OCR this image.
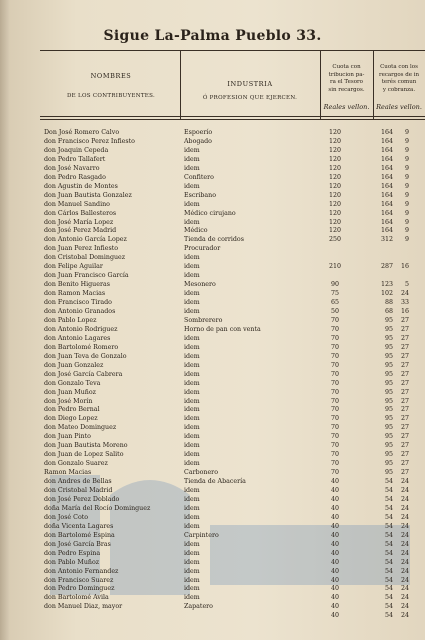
Sigue La-Palma Pueblo 33.
NOMBRES
DE LOS CONTRIBUYENTES.
INDUSTRIA
Ó PROFESION QUE EJERCEN.
Cuota con
tribucion pa-
ra el Tesoro
sin recargos.
Cuota con los
recargos de in
terés comun
y cobranza.
Reales vellon.	Reales vellon.
Don José Romero Calvo	Espoerío	120	164	9
don Francisco Perez Infiesto	Abogado	120	164	9
don Joaquin Cepeda	idem	120	164	9
don Pedro Tallafert	idem	120	164	9
don José Navarro	idem	120	164	9
don Pedro Rasgado	Confitero	120	164	9
don Agustin de Montes	idem	120	164	9
don Juan Bautista Gonzalez	Escribano	120	164	9
don Manuel Sandino	idem	120	164	9
don Cárlos Ballesteros	Médico cirujano	120	164	9
don José María Lopez	idem	120	164	9
don José Perez Madrid	Médico	120	164	9
don Antonio García Lopez	Tienda de corridos	250	312	9
don Juan Perez Infiesto	Procurador
don Cristobal Dominguez	idem
don Felipe Aguilar	idem	210	287	16
don Juan Francisco García	idem
don Benito Higueras	Mesonero	90	123	5
don Ramon Macias	idem	75	102	24
don Francisco Tirado	idem	65	88	33
don Antonio Granados	idem	50	68	16
don Pablo Lopez	Sombrerero	70	95	27
don Antonio Rodriguez	Horno de pan con venta	70	95	27
don Antonio Lagares	idem	70	95	27
don Bartolomé Romero	idem	70	95	27
don Juan Teva de Gonzalo	idem	70	95	27
don Juan Gonzalez	idem	70	95	27
don José García Cabrera	idem	70	95	27
don Gonzalo Teva	idem	70	95	27
don Juan Muñoz	idem	70	95	27
don José Morín	idem	70	95	27
don Pedro Bernal	idem	70	95	27
don Diego Lopez	idem	70	95	27
don Mateo Dominguez	idem	70	95	27
don Juan Pinto	idem	70	95	27
don Juan Bautista Moreno	idem	70	95	27
don Juan de Lopez Salito	idem	70	95	27
don Gonzalo Suarez	idem	70	95	27
Ramon Macias	Carbonero	70	95	27
don Andres de Bellas	Tienda de Abacería	40	54	24
don Cristobal Madrid	idem	40	54	24
don José Perez Doblado	idem	40	54	24
doña María del Rocío Dominguez	idem	40	54	24
don José Coto	idem	40	54	24
doña Vicenta Lagares	idem	40	54	24
don Bartolomé Espina	Carpintero	40	54	24
don José García Bras	idem	40	54	24
don Pedro Espina	idem	40	54	24
don Pablo Muñoz	idem	40	54	24
don Antonio Fernandez	idem	40	54	24
don Francisco Suarez	idem	40	54	24
don Pedro Dominguez	idem	40	54	24
don Bartolomé Avila	idem	40	54	24
don Manuel Diaz, mayor	Zapatero	40	54	24
40	54	24
